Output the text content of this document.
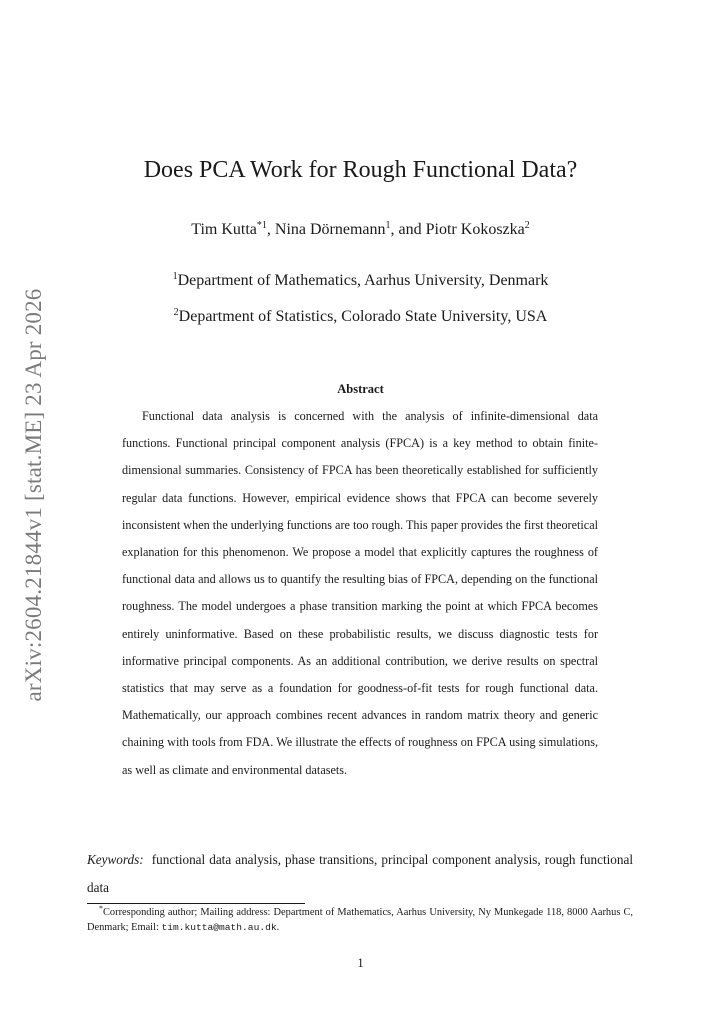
arXiv:2604.21844v1 [stat.ME] 23 Apr 2026
Does PCA Work for Rough Functional Data?
Tim Kutta$^{*1}$, Nina Dörnemann$^1$, and Piotr Kokoszka$^2$
$^1$Department of Mathematics, Aarhus University, Denmark
$^2$Department of Statistics, Colorado State University, USA
Abstract

Functional data analysis is concerned with the analysis of infinite-dimensional data functions. Functional principal component analysis (FPCA) is a key method to obtain finite-dimensional summaries. Consistency of FPCA has been theoretically established for sufficiently regular data functions. However, empirical evidence shows that FPCA can become severely inconsistent when the underlying functions are too rough. This paper provides the first theoretical explanation for this phenomenon. We propose a model that explicitly captures the roughness of functional data and allows us to quantify the resulting bias of FPCA, depending on the functional roughness. The model undergoes a phase transition marking the point at which FPCA becomes entirely uninformative. Based on these probabilistic results, we discuss diagnostic tests for informative principal components. As an additional contribution, we derive results on spectral statistics that may serve as a foundation for goodness-of-fit tests for rough functional data. Mathematically, our approach combines recent advances in random matrix theory and generic chaining with tools from FDA. We illustrate the effects of roughness on FPCA using simulations, as well as climate and environmental datasets.

Keywords: functional data analysis, phase transitions, principal component analysis, rough functional data

*Corresponding author; Mailing address: Department of Mathematics, Aarhus University, Ny Munkegade 118, 8000 Aarhus C, Denmark; Email: tim.kutta@math.au.dk.

1
